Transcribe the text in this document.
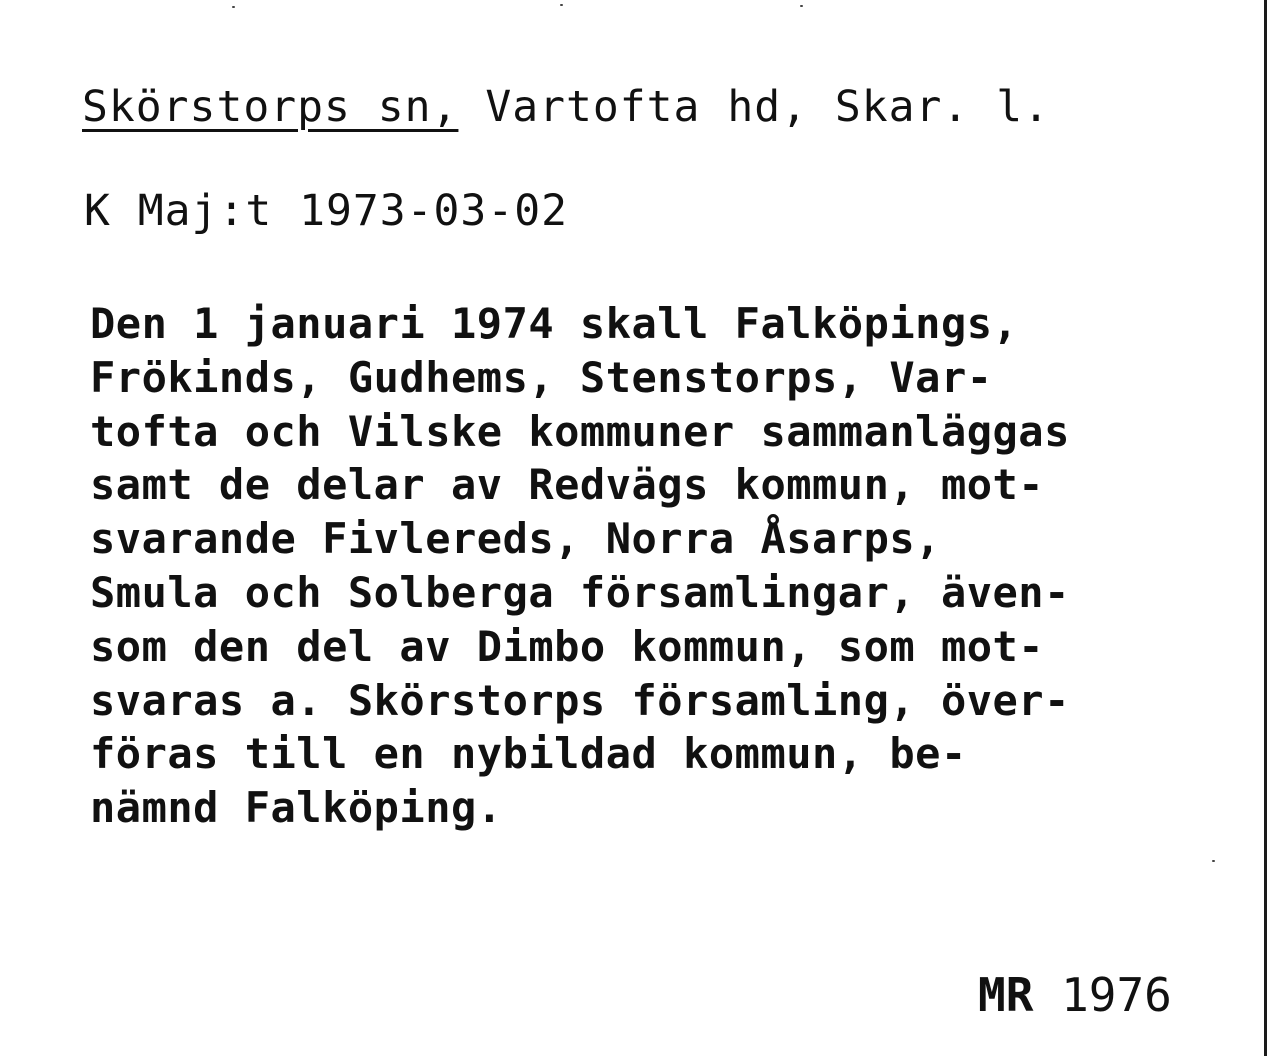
Skörstorps sn, Vartofta hd, Skar. l.
K Maj:t 1973-03-02
Den 1 januari 1974 skall Falköpings,
Frökinds, Gudhems, Stenstorps, Var-
tofta och Vilske kommuner sammanläggas
samt de delar av Redvägs kommun, mot-
svarande Fivlereds, Norra Åsarps,
Smula och Solberga församlingar, även-
som den del av Dimbo kommun, som mot-
svaras a. Skörstorps församling, över-
föras till en nybildad kommun, be-
nämnd Falköping.
MR 1976
